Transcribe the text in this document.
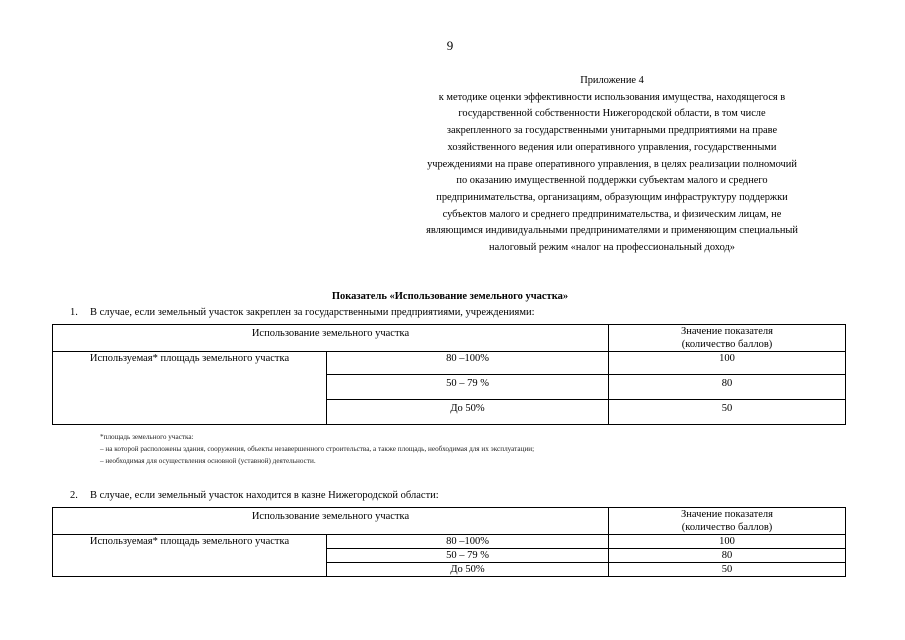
9
Приложение 4
к методике оценки эффективности использования имущества, находящегося в
государственной собственности Нижегородской области, в том числе
закрепленного за государственными унитарными предприятиями на праве
хозяйственного ведения или оперативного управления, государственными
учреждениями на праве оперативного управления, в целях реализации полномочий
по оказанию имущественной поддержки субъектам малого и среднего
предпринимательства, организациям, образующим инфраструктуру поддержки
субъектов малого и среднего предпринимательства, и физическим лицам, не
являющимся индивидуальными предпринимателями и применяющим специальный
налоговый режим «налог на профессиональный доход»
Показатель «Использование земельного участка»
1. В случае, если земельный участок закреплен за государственными предприятиями, учреждениями:
Использование земельного участка		Значение показателя
(количество баллов)

Используемая* площадь земельного участка	80 –100%	100
	50 – 79 %	80
	До 50%	50
*площадь земельного участка:
– на которой расположены здания, сооружения, объекты незавершенного строительства, а также площадь, необходимая для их эксплуатации;
– необходимая для осуществления основной (уставной) деятельности.
2. В случае, если земельный участок находится в казне Нижегородской области:
Использование земельного участка		Значение показателя
(количество баллов)

Используемая* площадь земельного участка	80 –100%	100
	50 – 79 %	80
	До 50%	50
